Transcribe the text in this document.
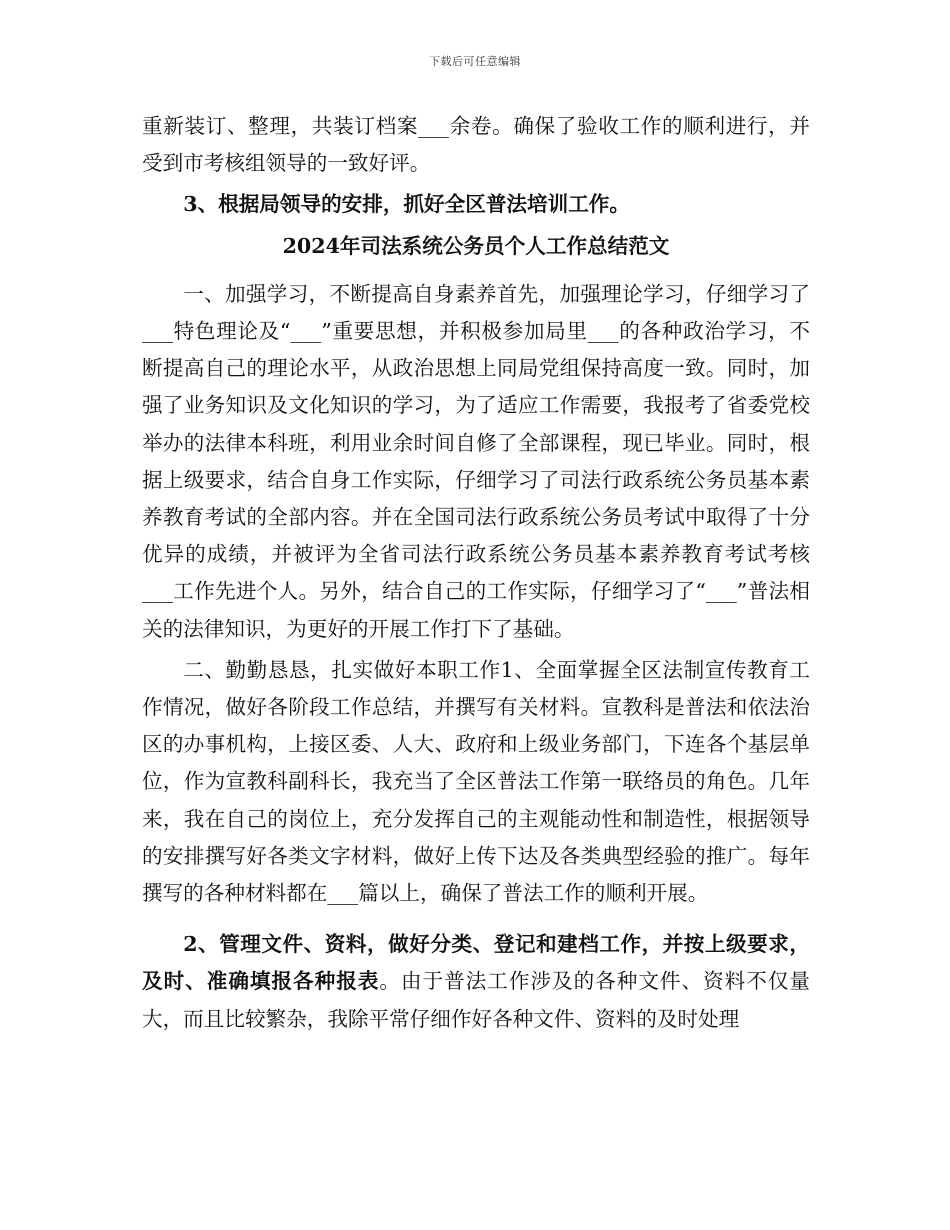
下载后可任意编辑

重新装订、整理，共装订档案___余卷。确保了验收工作的顺利进行，并受到市考核组领导的一致好评。

3、根据局领导的安排，抓好全区普法培训工作。

2024年司法系统公务员个人工作总结范文

一、加强学习，不断提高自身素养首先，加强理论学习，仔细学习了___特色理论及“___”重要思想，并积极参加局里___的各种政治学习，不断提高自己的理论水平，从政治思想上同局党组保持高度一致。同时，加强了业务知识及文化知识的学习，为了适应工作需要，我报考了省委党校举办的法律本科班，利用业余时间自修了全部课程，现已毕业。同时，根据上级要求，结合自身工作实际，仔细学习了司法行政系统公务员基本素养教育考试的全部内容。并在全国司法行政系统公务员考试中取得了十分优异的成绩，并被评为全省司法行政系统公务员基本素养教育考试考核___工作先进个人。另外，结合自己的工作实际，仔细学习了“___”普法相关的法律知识，为更好的开展工作打下了基础。

二、勤勤恳恳，扎实做好本职工作1、全面掌握全区法制宣传教育工作情况，做好各阶段工作总结，并撰写有关材料。宣教科是普法和依法治区的办事机构，上接区委、人大、政府和上级业务部门，下连各个基层单位，作为宣教科副科长，我充当了全区普法工作第一联络员的角色。几年来，我在自己的岗位上，充分发挥自己的主观能动性和制造性，根据领导的安排撰写好各类文字材料，做好上传下达及各类典型经验的推广。每年撰写的各种材料都在___篇以上，确保了普法工作的顺利开展。

2、管理文件、资料，做好分类、登记和建档工作，并按上级要求，及时、准确填报各种报表。由于普法工作涉及的各种文件、资料不仅量大，而且比较繁杂，我除平常仔细作好各种文件、资料的及时处理
